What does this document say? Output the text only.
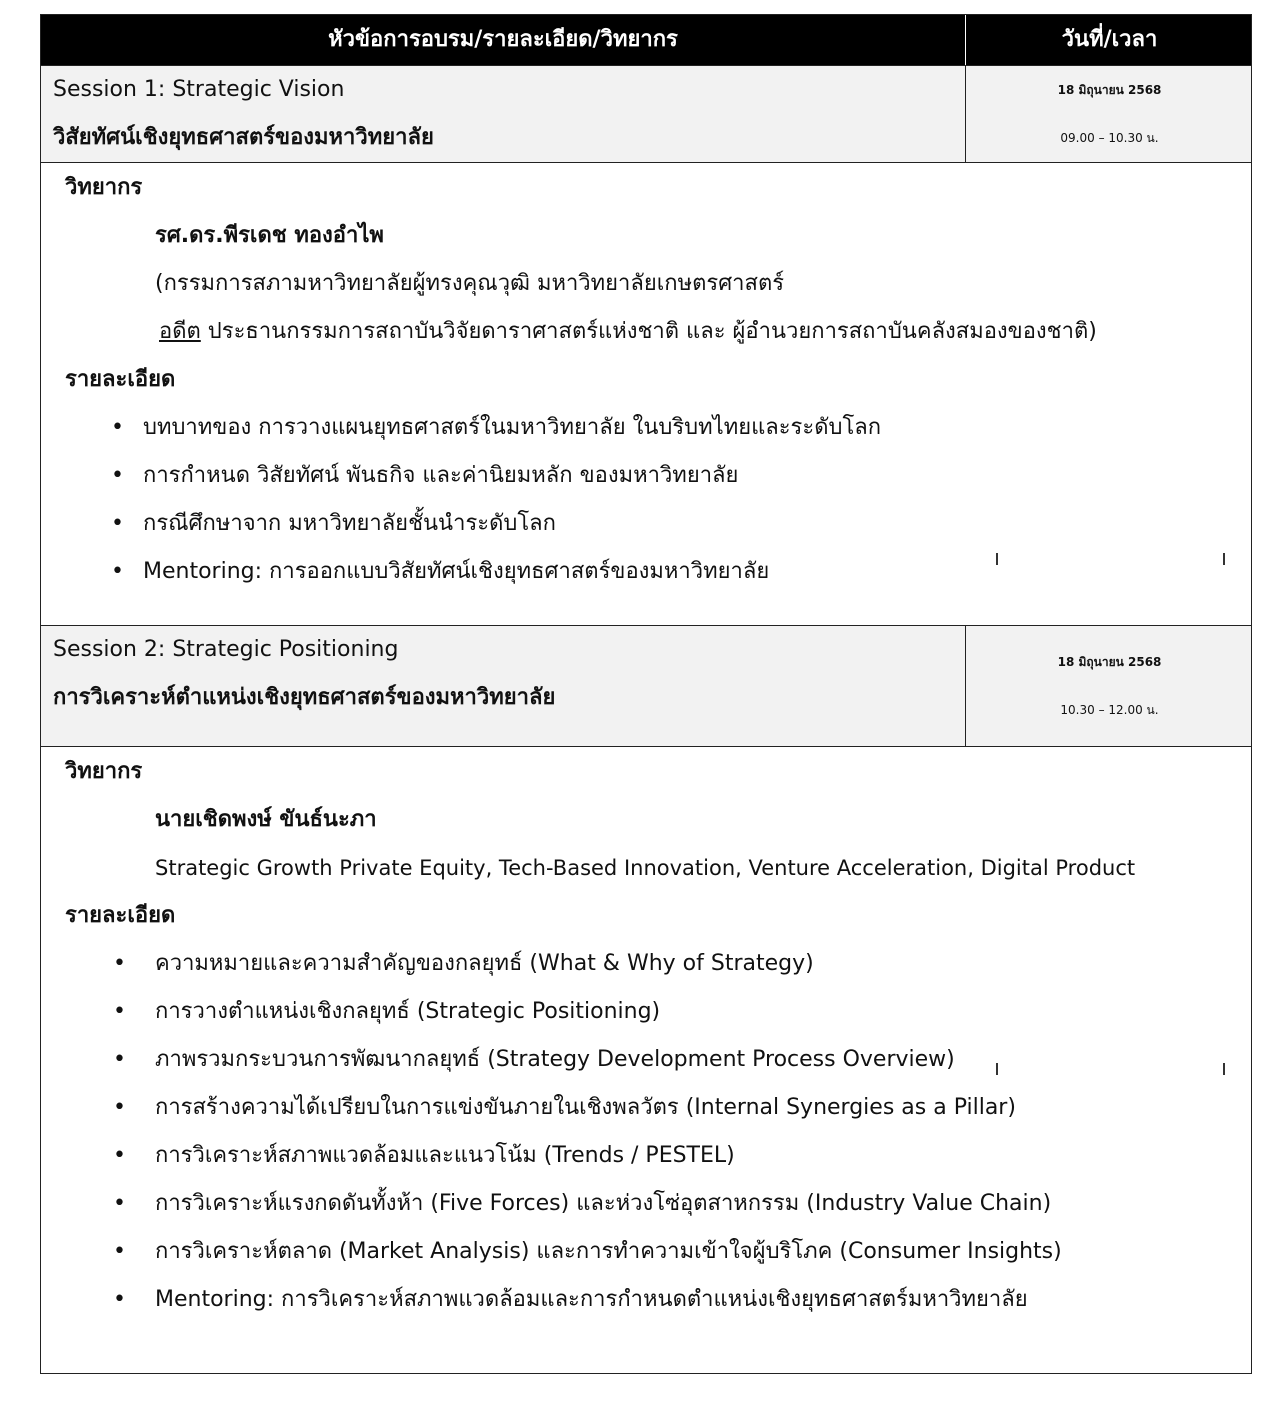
หัวข้อการอบรม/รายละเอียด/วิทยากร	วันที่/เวลา
Session 1: Strategic Vision
วิสัยทัศน์เชิงยุทธศาสตร์ของมหาวิทยาลัย
18 มิถุนายน 2568
09.00 – 10.30 น.
วิทยากร
รศ.ดร.พีรเดช ทองอำไพ
(กรรมการสภามหาวิทยาลัยผู้ทรงคุณวุฒิ มหาวิทยาลัยเกษตรศาสตร์
อดีต ประธานกรรมการสถาบันวิจัยดาราศาสตร์แห่งชาติ และ ผู้อำนวยการสถาบันคลังสมองของชาติ)
รายละเอียด
• บทบาทของ การวางแผนยุทธศาสตร์ในมหาวิทยาลัย ในบริบทไทยและระดับโลก
• การกำหนด วิสัยทัศน์ พันธกิจ และค่านิยมหลัก ของมหาวิทยาลัย
• กรณีศึกษาจาก มหาวิทยาลัยชั้นนำระดับโลก
• Mentoring: การออกแบบวิสัยทัศน์เชิงยุทธศาสตร์ของมหาวิทยาลัย
Session 2: Strategic Positioning
การวิเคราะห์ตำแหน่งเชิงยุทธศาสตร์ของมหาวิทยาลัย
18 มิถุนายน 2568
10.30 – 12.00 น.
วิทยากร
นายเชิดพงษ์ ขันธ์นะภา
Strategic Growth Private Equity, Tech-Based Innovation, Venture Acceleration, Digital Product
รายละเอียด
• ความหมายและความสำคัญของกลยุทธ์ (What & Why of Strategy)
• การวางตำแหน่งเชิงกลยุทธ์ (Strategic Positioning)
• ภาพรวมกระบวนการพัฒนากลยุทธ์ (Strategy Development Process Overview)
• การสร้างความได้เปรียบในการแข่งขันภายในเชิงพลวัตร (Internal Synergies as a Pillar)
• การวิเคราะห์สภาพแวดล้อมและแนวโน้ม (Trends / PESTEL)
• การวิเคราะห์แรงกดดันทั้งห้า (Five Forces) และห่วงโซ่อุตสาหกรรม (Industry Value Chain)
• การวิเคราะห์ตลาด (Market Analysis) และการทำความเข้าใจผู้บริโภค (Consumer Insights)
• Mentoring: การวิเคราะห์สภาพแวดล้อมและการกำหนดตำแหน่งเชิงยุทธศาสตร์มหาวิทยาลัย
